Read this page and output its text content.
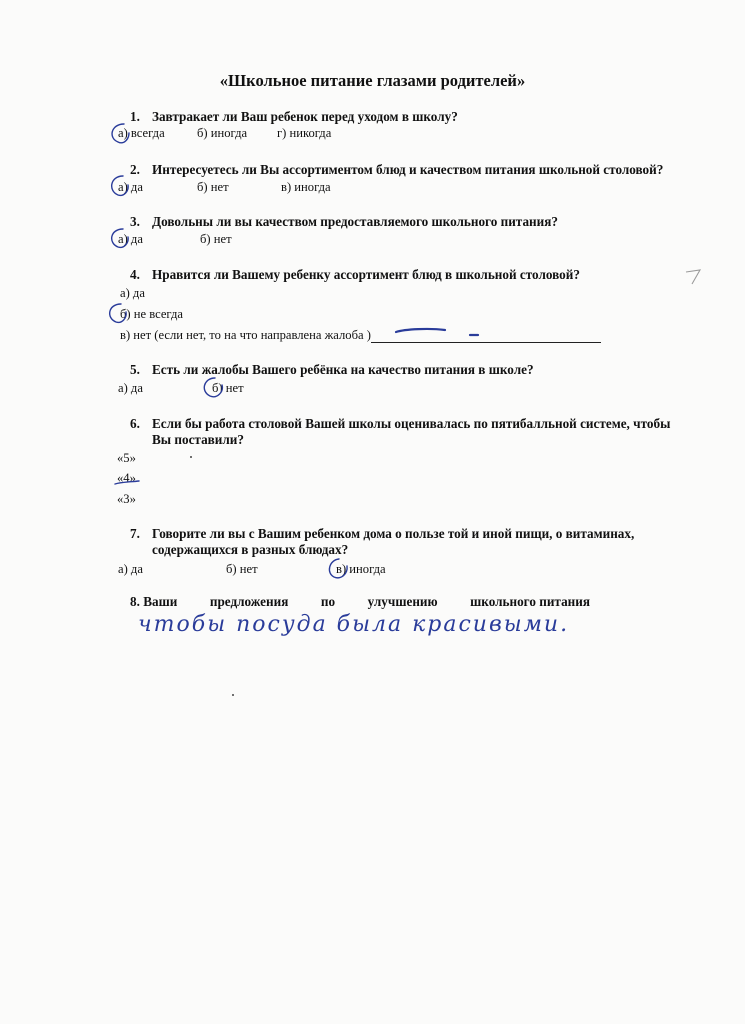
«Школьное питание глазами родителей»
1. Завтракает ли Ваш ребенок перед уходом в школу?
а) всегда	б) иногда г) никогда
2. Интересуетесь ли Вы ассортиментом блюд и качеством питания школьной столовой?
а) да	б) нет	в) иногда
3. Довольны ли вы качеством предоставляемого школьного питания?
а) да	б) нет
4. Нравится ли Вашему ребенку ассортимент блюд в школьной столовой?
а) да
б) не всегда
в) нет (если нет, то на что направлена жалоба )
5. Есть ли жалобы Вашего ребёнка на качество питания в школе?
а) да	б) нет
6. Если бы работа столовой Вашей школы оценивалась по пятибалльной системе, чтобы
Вы поставили?
«5»
«4»
«3»
7. Говорите ли вы с Вашим ребенком дома о пользе той и иной пищи, о витаминах,
содержащихся в разных блюдах?
а) да	б) нет	в) иногда
8. Ваши предложения по улучшению школьного питания
чтобы посуда была красивыми.
